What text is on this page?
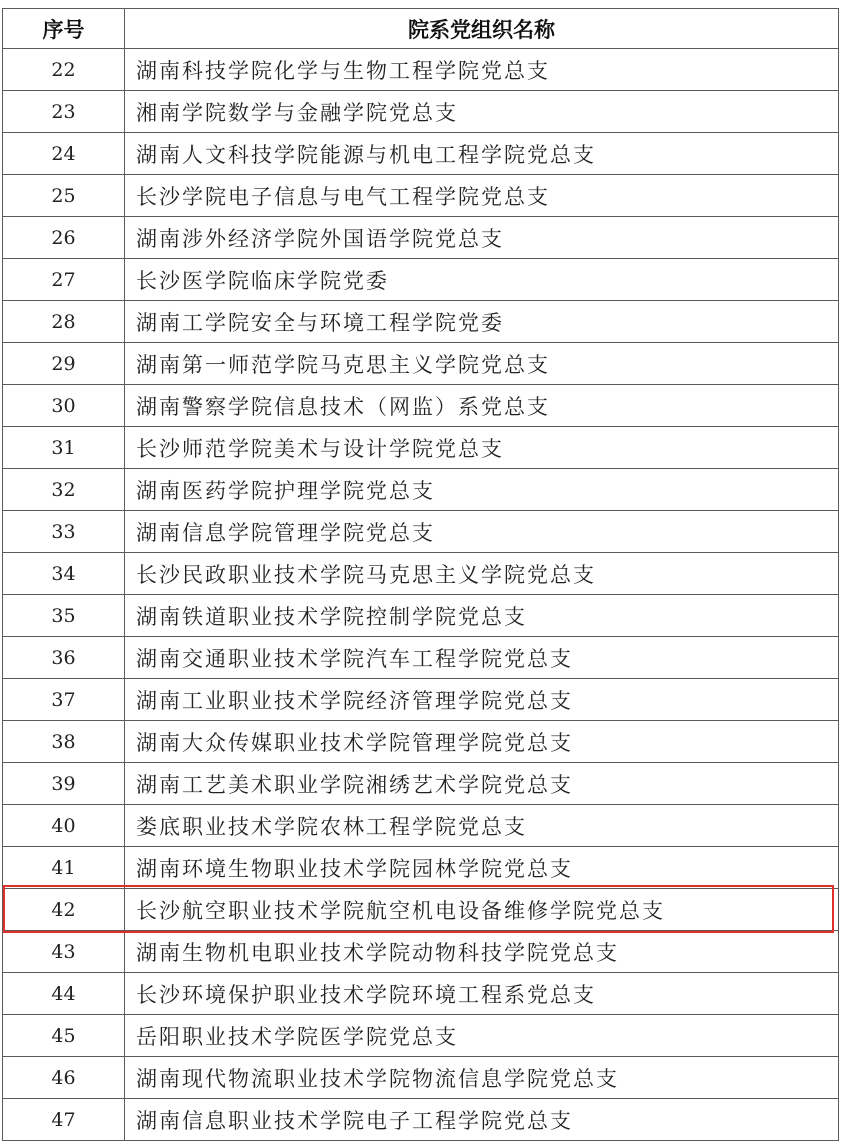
序号	院系党组织名称
22	湖南科技学院化学与生物工程学院党总支
23	湘南学院数学与金融学院党总支
24	湖南人文科技学院能源与机电工程学院党总支
25	长沙学院电子信息与电气工程学院党总支
26	湖南涉外经济学院外国语学院党总支
27	长沙医学院临床学院党委
28	湖南工学院安全与环境工程学院党委
29	湖南第一师范学院马克思主义学院党总支
30	湖南警察学院信息技术（网监）系党总支
31	长沙师范学院美术与设计学院党总支
32	湖南医药学院护理学院党总支
33	湖南信息学院管理学院党总支
34	长沙民政职业技术学院马克思主义学院党总支
35	湖南铁道职业技术学院控制学院党总支
36	湖南交通职业技术学院汽车工程学院党总支
37	湖南工业职业技术学院经济管理学院党总支
38	湖南大众传媒职业技术学院管理学院党总支
39	湖南工艺美术职业学院湘绣艺术学院党总支
40	娄底职业技术学院农林工程学院党总支
41	湖南环境生物职业技术学院园林学院党总支
42	长沙航空职业技术学院航空机电设备维修学院党总支
43	湖南生物机电职业技术学院动物科技学院党总支
44	长沙环境保护职业技术学院环境工程系党总支
45	岳阳职业技术学院医学院党总支
46	湖南现代物流职业技术学院物流信息学院党总支
47	湖南信息职业技术学院电子工程学院党总支
